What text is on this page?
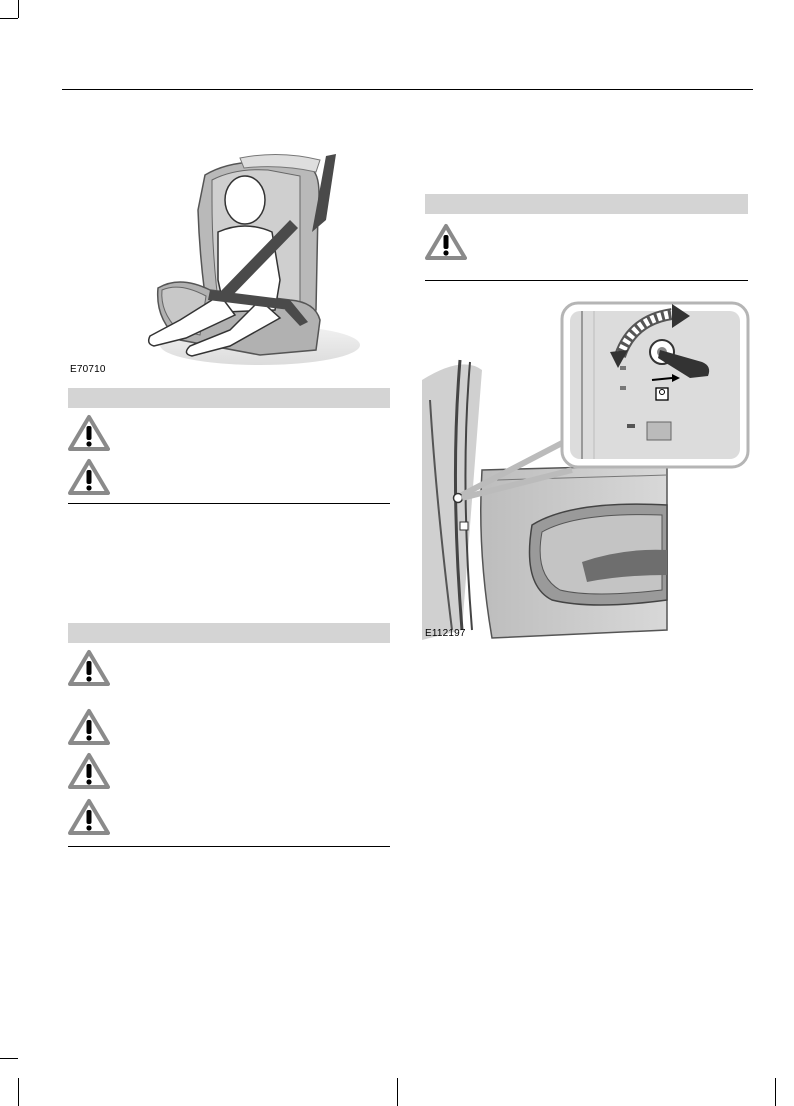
E70710
E112197
